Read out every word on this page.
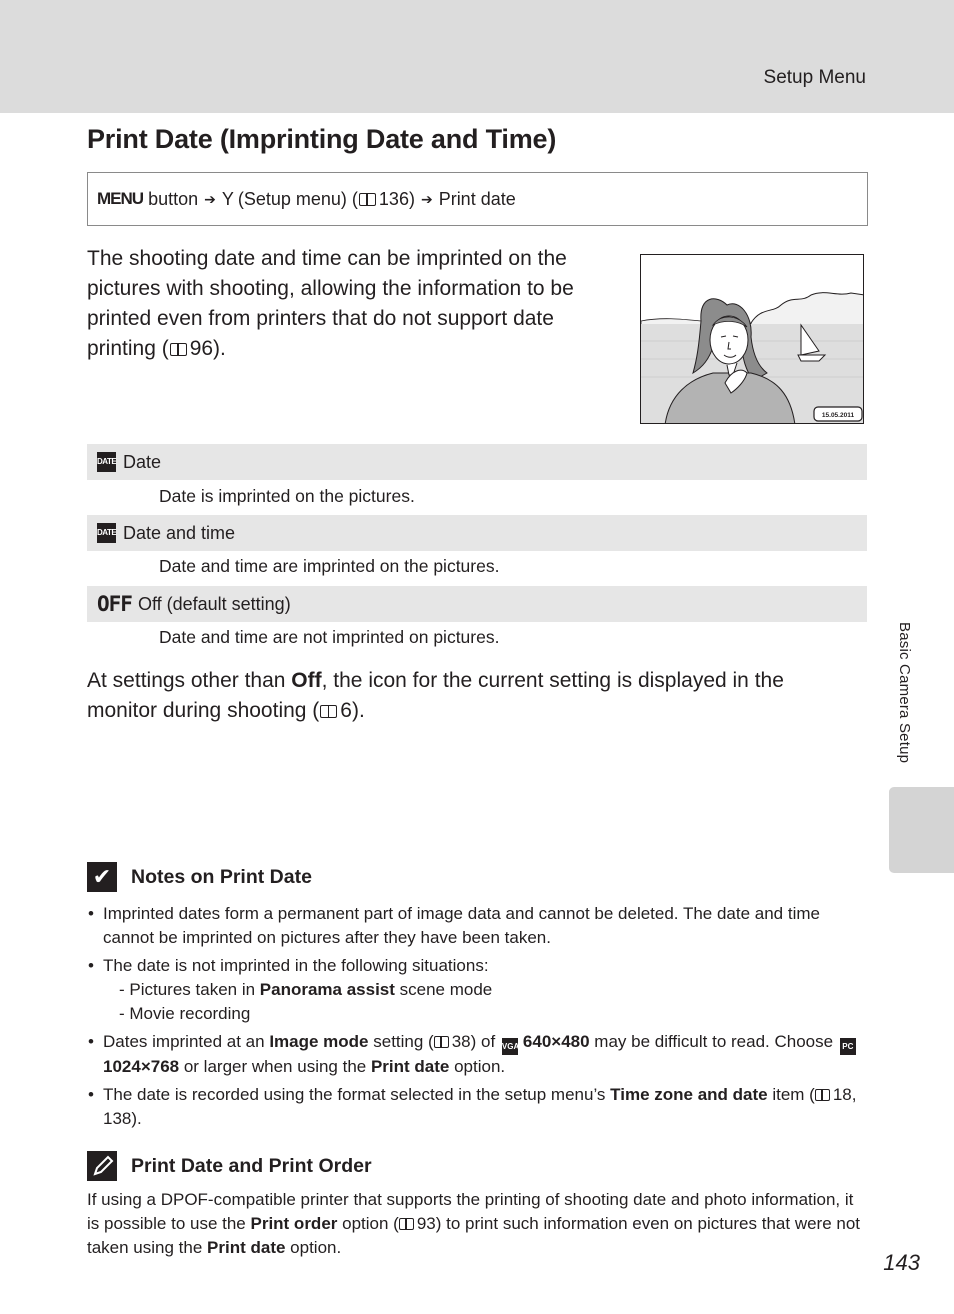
Setup Menu
Print Date (Imprinting Date and Time)
MENU button ➔ Y (Setup menu) ( 136) ➔ Print date

The shooting date and time can be imprinted on the pictures with shooting, allowing the information to be printed even from printers that do not support date printing ( 96).

15.05.2011
DATE Date
Date is imprinted on the pictures.
DATE Date and time
Date and time are imprinted on the pictures.
OFF Off (default setting)
Date and time are not imprinted on pictures.

At settings other than Off, the icon for the current setting is displayed in the monitor during shooting ( 6).

✔ Notes on Print Date
• Imprinted dates form a permanent part of image data and cannot be deleted. The date and time cannot be imprinted on pictures after they have been taken.
• The date is not imprinted in the following situations:
- Pictures taken in Panorama assist scene mode
- Movie recording
• Dates imprinted at an Image mode setting ( 38) of VGA 640×480 may be difficult to read. Choose PC1024×768 or larger when using the Print date option.
• The date is recorded using the format selected in the setup menu’s Time zone and date item ( 18, 138).
Print Date and Print Order

If using a DPOF-compatible printer that supports the printing of shooting date and photo information, it is possible to use the Print order option ( 93) to print such information even on pictures that were not taken using the Print date option.

Basic Camera Setup
143
